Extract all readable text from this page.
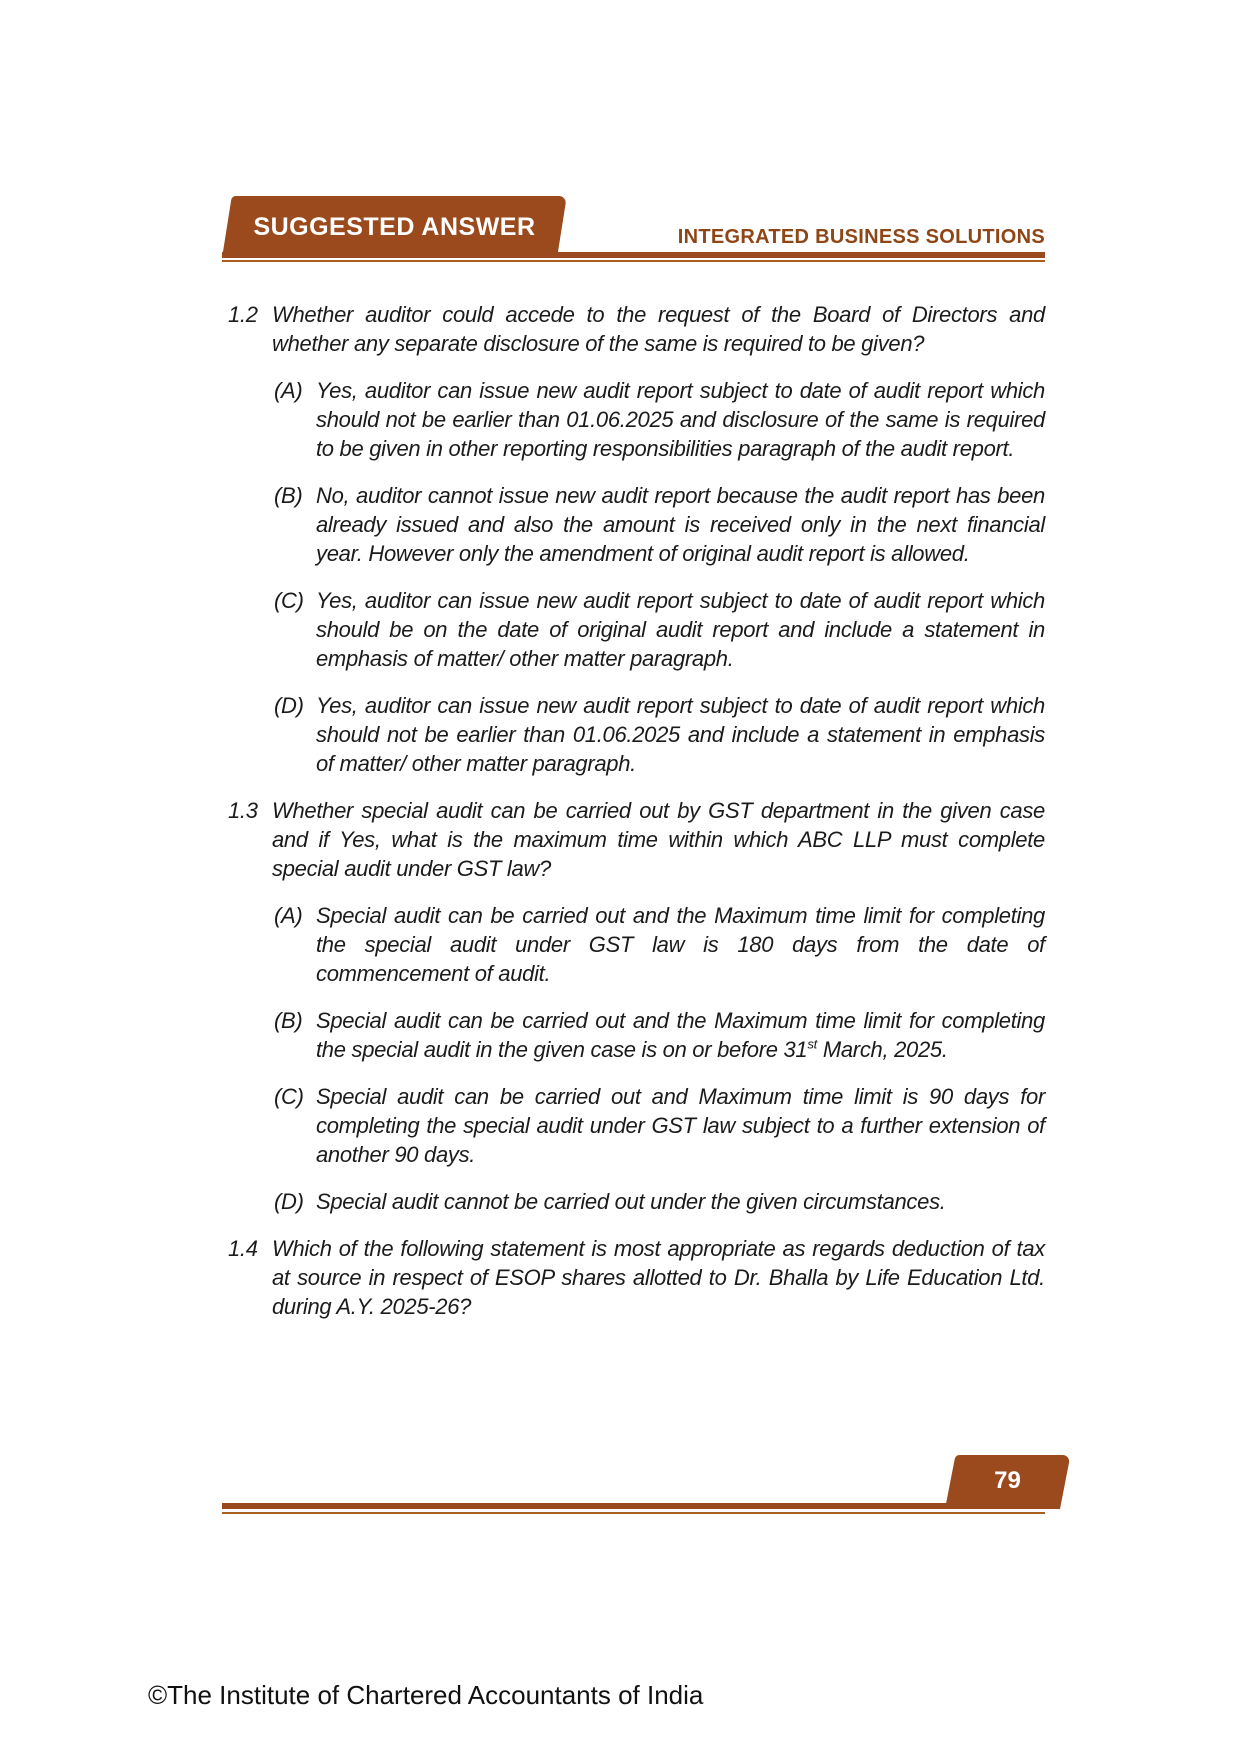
SUGGESTED ANSWER	INTEGRATED BUSINESS SOLUTIONS
1.2 Whether auditor could accede to the request of the Board of Directors and whether any separate disclosure of the same is required to be given?
(A) Yes, auditor can issue new audit report subject to date of audit report which should not be earlier than 01.06.2025 and disclosure of the same is required to be given in other reporting responsibilities paragraph of the audit report.
(B) No, auditor cannot issue new audit report because the audit report has been already issued and also the amount is received only in the next financial year. However only the amendment of original audit report is allowed.
(C) Yes, auditor can issue new audit report subject to date of audit report which should be on the date of original audit report and include a statement in emphasis of matter/ other matter paragraph.
(D) Yes, auditor can issue new audit report subject to date of audit report which should not be earlier than 01.06.2025 and include a statement in emphasis of matter/ other matter paragraph.
1.3 Whether special audit can be carried out by GST department in the given case and if Yes, what is the maximum time within which ABC LLP must complete special audit under GST law?
(A) Special audit can be carried out and the Maximum time limit for completing the special audit under GST law is 180 days from the date of commencement of audit.
(B) Special audit can be carried out and the Maximum time limit for completing the special audit in the given case is on or before 31st March, 2025.
(C) Special audit can be carried out and Maximum time limit is 90 days for completing the special audit under GST law subject to a further extension of another 90 days.
(D) Special audit cannot be carried out under the given circumstances.
1.4 Which of the following statement is most appropriate as regards deduction of tax at source in respect of ESOP shares allotted to Dr. Bhalla by Life Education Ltd. during A.Y. 2025-26?
79
©The Institute of Chartered Accountants of India
